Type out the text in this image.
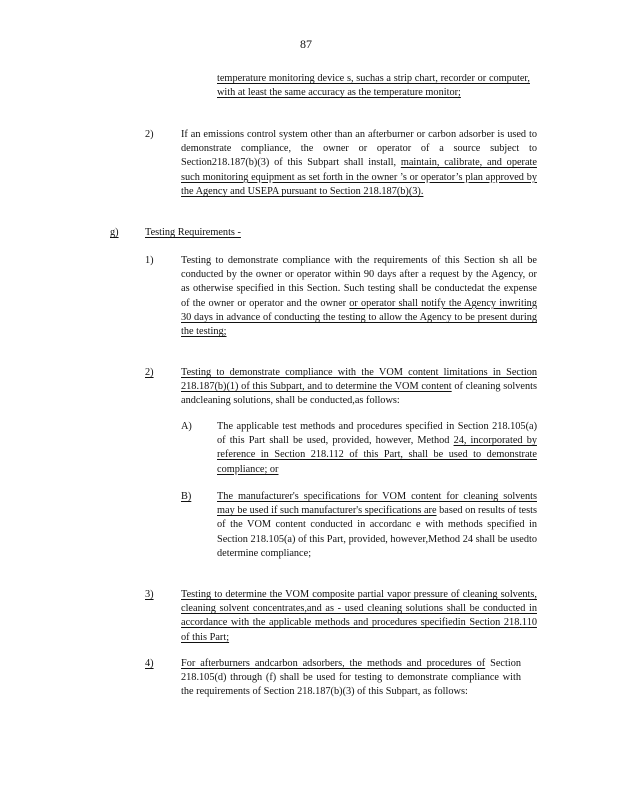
87
temperature monitoring device s, suchas a strip chart, recorder or computer, with at least the same accuracy as the temperature monitor;
2)	If an emissions control system other than an afterburner or carbon adsorber is used to demonstrate compliance, the owner or operator of a source subject to Section218.187(b)(3) of this Subpart shall install, maintain, calibrate, and operate such monitoring equipment as set forth in the owner ’s or operator’s plan approved by the Agency and USEPA pursuant to Section 218.187(b)(3).
g)	Testing Requirements -
1)	Testing to demonstrate compliance with the requirements of this Section sh all be conducted by the owner or operator within 90 days after a request by the Agency, or as otherwise specified in this Section. Such testing shall be conductedat the expense of the owner or operator and the owner or operator shall notify the Agency inwriting 30 days in advance of conducting the testing to allow the Agency to be present during the testing;
2)	Testing to demonstrate compliance with the VOM content limitations in Section 218.187(b)(1) of this Subpart, and to determine the VOM content of cleaning solvents andcleaning solutions, shall be conducted,as follows:
A) The applicable test methods and procedures specified in Section 218.105(a) of this Part shall be used, provided, however, Method 24, incorporated by reference in Section 218.112 of this Part, shall be used to demonstrate compliance; or
B) The manufacturer's specifications for VOM content for cleaning solvents may be used if such manufacturer's specifications are based on results of tests of the VOM content conducted in accordanc e with methods specified in Section 218.105(a) of this Part, provided, however,Method 24 shall be usedto determine compliance;
3)	Testing to determine the VOM composite partial vapor pressure of cleaning solvents, cleaning solvent concentrates,and as - used cleaning solutions shall be conducted in accordance with the applicable methods and procedures specifiedin Section 218.110 of this Part;
4)	For afterburners andcarbon adsorbers, the methods and procedures of Section 218.105(d) through (f) shall be used for testing to demonstrate compliance with the requirements of Section 218.187(b)(3) of this Subpart, as follows:
